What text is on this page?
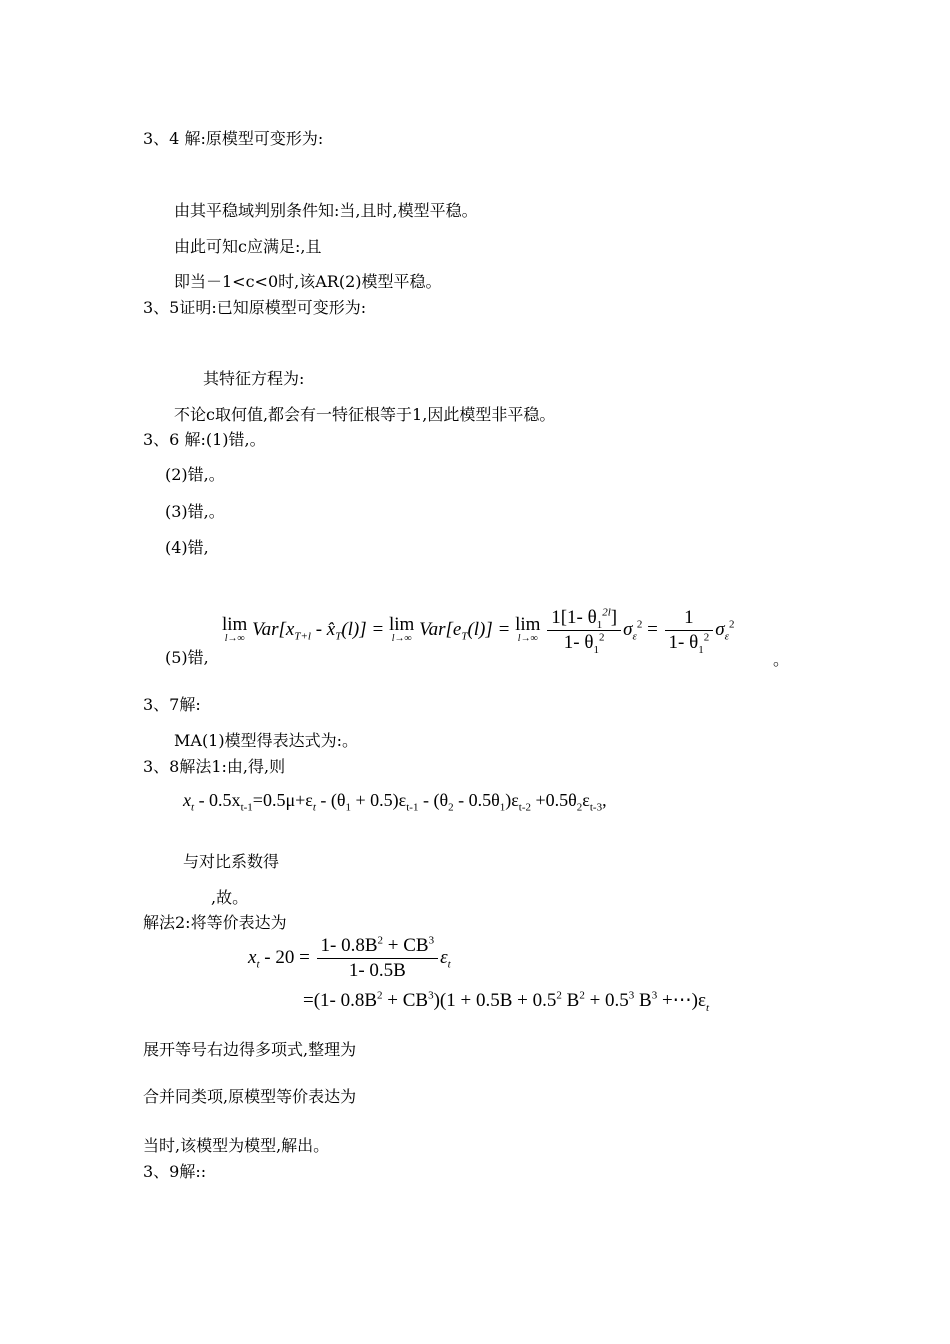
3、4 解:原模型可变形为:
由其平稳域判别条件知:当,且时,模型平稳。
由此可知c应满足:,且
即当－1<c<0时,该AR(2)模型平稳。
3、5证明:已知原模型可变形为:
其特征方程为:
不论c取何值,都会有一特征根等于1,因此模型非平稳。
3、6 解:(1)错,。
(2)错,。
(3)错,。
(4)错,
(5)错,
lim
l→∞ $Var[x_{T+l}$ - $x̂_T(l)] = \lim$
l→∞ $Var[e_T(l)] = \lim$
l→∞
$\frac{1[1- \theta_1^{2l}]}{1- \theta_1^2} \sigma_\varepsilon^2 = \frac{1}{1- \theta_1^2} \sigma_\varepsilon^2$
。
3、7解:
MA(1)模型得表达式为:。
3、8解法1:由,得,则
$x_t - 0.5x_{t-1}=0.5\mu+\varepsilon_t - (\theta_1 + 0.5)\varepsilon_{t-1} - (\theta_2 - 0.5\theta_1)\varepsilon_{t-2} +0.5\theta_2\varepsilon_{t-3}$,
与对比系数得
,故。
解法2:将等价表达为
$x_t - 20 = \frac{1- 0.8B^2 + CB^3}{1- 0.5B} \varepsilon_t$
=(1- $0.8B^2 + CB^3)(1 + 0.5B + 0.5^2$ $B^2 + 0.5^3$ $B^3$ $+\cdots)\varepsilon_t$
展开等号右边得多项式,整理为
合并同类项,原模型等价表达为
当时,该模型为模型,解出。
3、9解::
